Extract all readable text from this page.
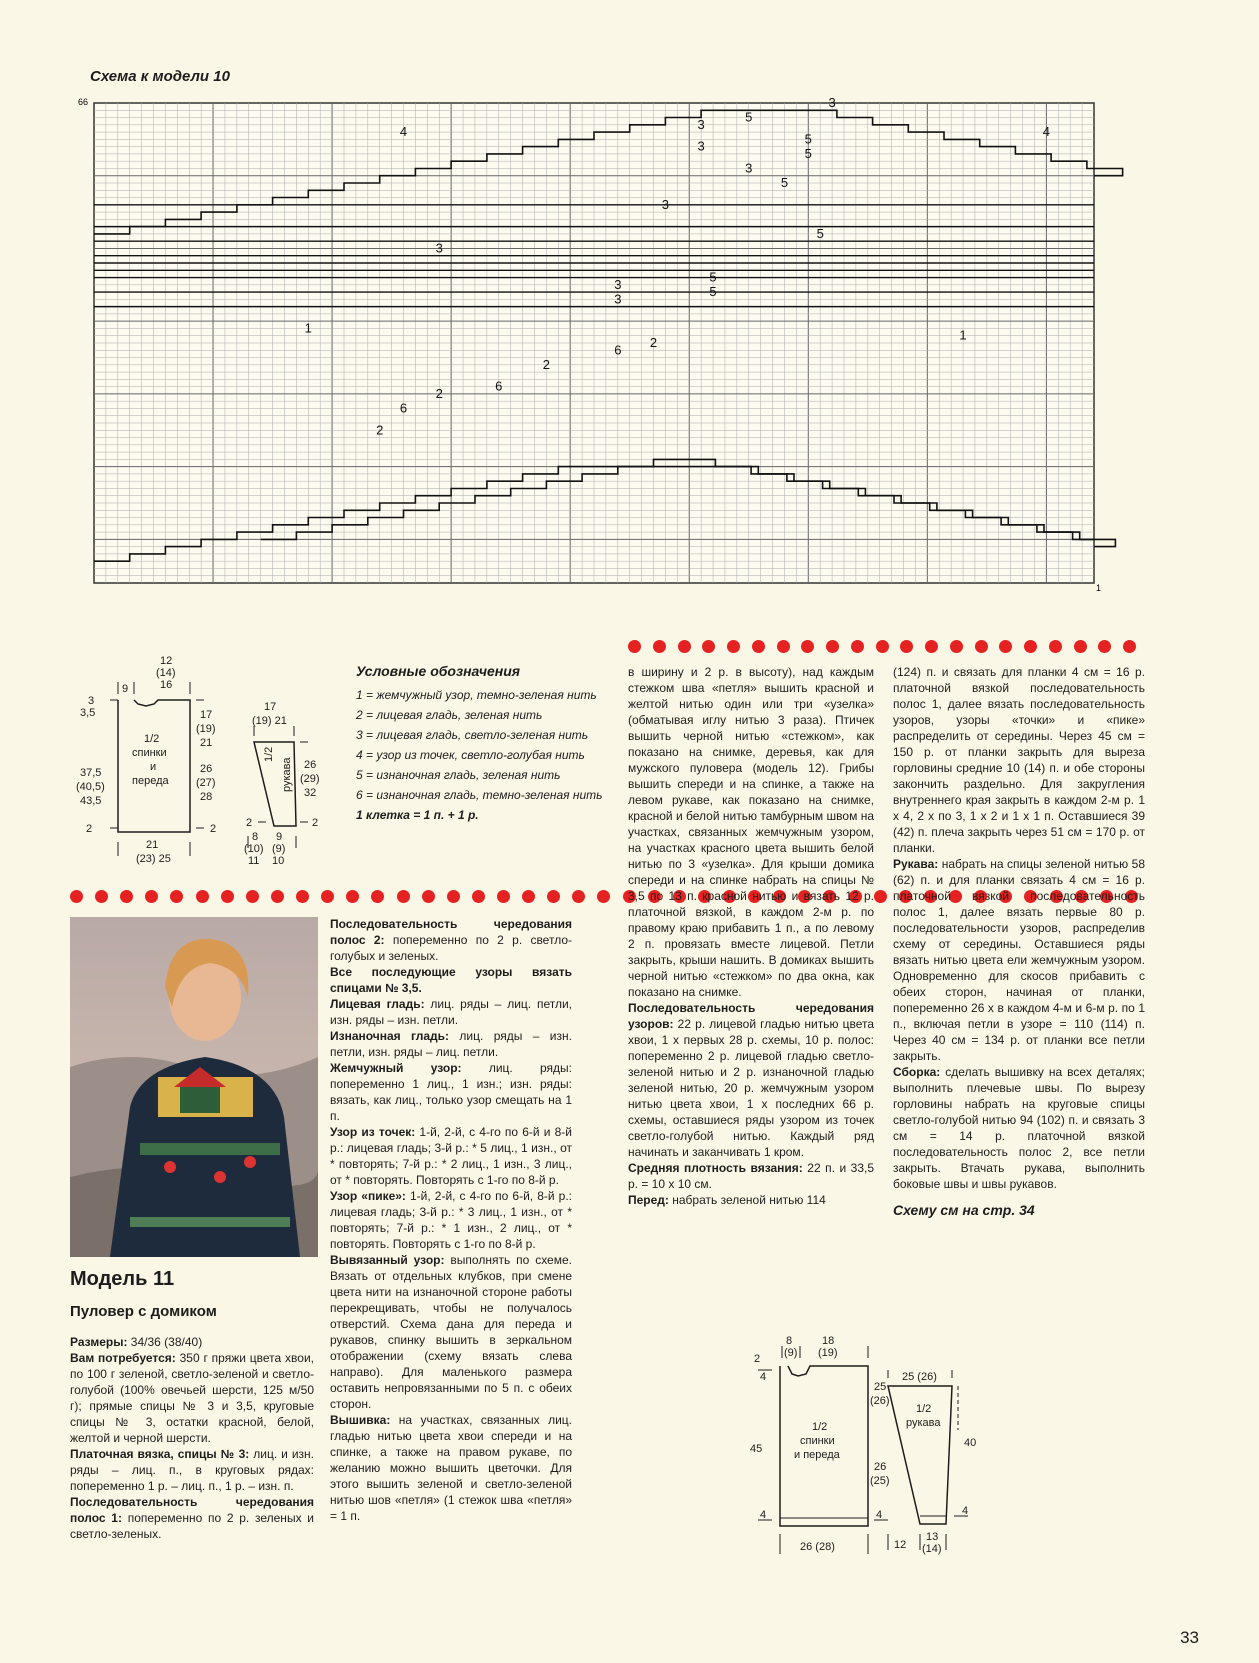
Схема к модели 10
4
3
5
3
5
3	5
3
5
3
5
3
5
3	5
3
1	1
2
6
2
6
2
6
2
4
66
1
9
12
(14)
16
3
3,5
37,5
(40,5)
43,5
2
17
(19)
21
26
(27)
28
2
21
(23) 25
1/2
спинки
и
переда
17
(19) 21
26
(29)
32
2
2
8
(10)
11
9
(9)
10
1/2
рукава
Условные обозначения
1 = жемчужный узор, темно-зеленая нить
2 = лицевая гладь, зеленая нить
3 = лицевая гладь, светло-зеленая нить
4 = узор из точек, светло-голубая нить
5 = изнаночная гладь, зеленая нить
6 = изнаночная гладь, темно-зеленая нить
1 клетка = 1 п. + 1 р.

в ширину и 2 р. в высоту), над каждым стежком шва «петля» вышить красной и желтой нитью один или три «узелка» (обматывая иглу нитью 3 раза). Птичек вышить черной нитью «стежком», как показано на снимке, деревья, как для мужского пуловера (модель 12). Грибы вышить спереди и на спинке, а также на левом рукаве, как показано на снимке, красной и белой нитью тамбурным швом на участках, связанных жемчужным узором, на участках красного цвета вышить белой нитью по 3 «узелка». Для крыши домика спереди и на спинке набрать на спицы № 3,5 по 13 п. красной нитью и вязать 12 р. платочной вязкой, в каждом 2-м р. по правому краю прибавить 1 п., а по левому 2 п. провязать вместе лицевой. Петли закрыть, крыши нашить. В домиках вышить черной нитью «стежком» по два окна, как показано на снимке.

Последовательность чередования узоров: 22 р. лицевой гладью нитью цвета хвои, 1 х первых 28 р. схемы, 10 р. полос: попеременно 2 р. лицевой гладью светло-зеленой нитью и 2 р. изнаночной гладью зеленой нитью, 20 р. жемчужным узором нитью цвета хвои, 1 х последних 66 р. схемы, оставшиеся ряды узором из точек светло-голубой нитью. Каждый ряд начинать и заканчивать 1 кром.

Средняя плотность вязания: 22 п. и 33,5 р. = 10 х 10 см.

Перед: набрать зеленой нитью 114

(124) п. и связать для планки 4 см = 16 р. платочной вязкой последовательность полос 1, далее вязать последовательность узоров, узоры «точки» и «пике» распределить от середины. Через 45 см = 150 р. от планки закрыть для выреза горловины средние 10 (14) п. и обе стороны закончить раздельно. Для закругления внутреннего края закрыть в каждом 2-м р. 1 х 4, 2 х по 3, 1 х 2 и 1 х 1 п. Оставшиеся 39 (42) п. плеча закрыть через 51 см = 170 р. от планки.

Рукава: набрать на спицы зеленой нитью 58 (62) п. и для планки связать 4 см = 16 р. платочной вязкой последовательность полос 1, далее вязать первые 80 р. последовательности узоров, распределив схему от середины. Оставшиеся ряды вязать нитью цвета ели жемчужным узором. Одновременно для скосов прибавить с обеих сторон, начиная от планки, попеременно 26 х в каждом 4-м и 6-м р. по 1 п., включая петли в узоре = 110 (114) п. Через 40 см = 134 р. от планки все петли закрыть.

Сборка: сделать вышивку на всех деталях; выполнить плечевые швы. По вырезу горловины набрать на круговые спицы светло-голубой нитью 94 (102) п. и связать 3 см = 14 р. платочной вязкой последовательность полос 2, все петли закрыть. Втачать рукава, выполнить боковые швы и швы рукавов.

Схему см на стр. 34

Последовательность чередования полос 2: попеременно по 2 р. светло-голубых и зеленых.

Все последующие узоры вязать спицами № 3,5.

Лицевая гладь: лиц. ряды – лиц. петли, изн. ряды – изн. петли.

Изнаночная гладь: лиц. ряды – изн. петли, изн. ряды – лиц. петли.

Жемчужный узор: лиц. ряды: попеременно 1 лиц., 1 изн.; изн. ряды: вязать, как лиц., только узор смещать на 1 п.

Узор из точек: 1-й, 2-й, с 4-го по 6-й и 8-й р.: лицевая гладь; 3-й р.: * 5 лиц., 1 изн., от * повторять; 7-й р.: * 2 лиц., 1 изн., 3 лиц., от * повторять. Повторять с 1-го по 8-й р.

Узор «пике»: 1-й, 2-й, с 4-го по 6-й, 8-й р.: лицевая гладь; 3-й р.: * 3 лиц., 1 изн., от * повторять; 7-й р.: * 1 изн., 2 лиц., от * повторять. Повторять с 1-го по 8-й р.

Вывязанный узор: выполнять по схеме. Вязать от отдельных клубков, при смене цвета нити на изнаночной стороне работы перекрещивать, чтобы не получалось отверстий. Схема дана для переда и рукавов, спинку вышить в зеркальном отображении (схему вязать слева направо). Для маленького размера оставить непровязанными по 5 п. с обеих сторон.

Вышивка: на участках, связанных лиц. гладью нитью цвета хвои спереди и на спинке, а также на правом рукаве, по желанию можно вышить цветочки. Для этого вышить зеленой и светло-зеленой нитью шов «петля» (1 стежок шва «петля» = 1 п.

Модель 11
Пуловер с домиком

Размеры: 34/36 (38/40)

Вам потребуется: 350 г пряжи цвета хвои, по 100 г зеленой, светло-зеленой и светло-голубой (100% овечьей шерсти, 125 м/50 г); прямые спицы № 3 и 3,5, круговые спицы № 3, остатки красной, белой, желтой и черной шерсти.

Платочная вязка, спицы № 3: лиц. и изн. ряды – лиц. п., в круговых рядах: попеременно 1 р. – лиц. п., 1 р. – изн. п.

Последовательность чередования полос 1: попеременно по 2 р. зеленых и светло-зеленых.

8
(9)
18
(19)
2
4
45
4
25
(26)
26
(25)
4
26 (28)
1/2
спинки
и переда
25 (26)
40
4
12
13
(14)
1/2
рукава
33
